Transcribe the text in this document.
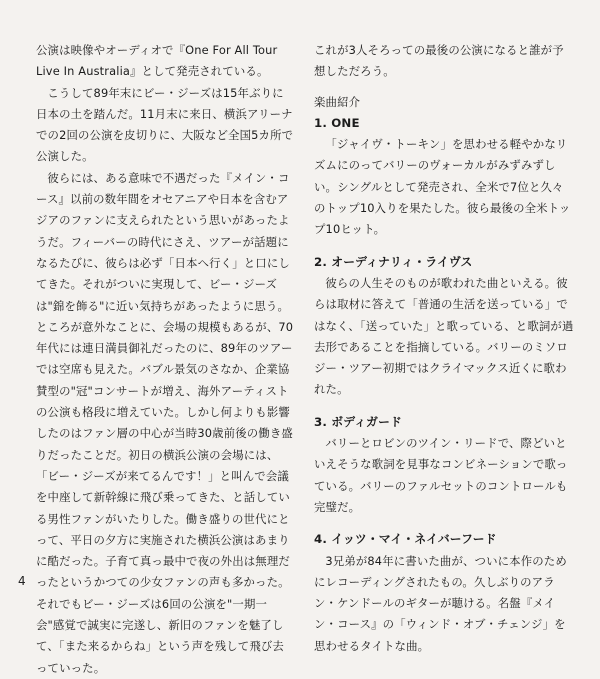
公演は映像やオーディオで『One For All Tour Live In Australia』として発売されている。

こうして89年末にビー・ジーズは15年ぶりに日本の土を踏んだ。11月末に来日、横浜アリーナでの2回の公演を皮切りに、大阪など全国5カ所で公演した。

彼らには、ある意味で不遇だった『メイン・コース』以前の数年間をオセアニアや日本を含むアジアのファンに支えられたという思いがあったようだ。フィーバーの時代にさえ、ツアーが話題になるたびに、彼らは必ず「日本へ行く」と口にしてきた。それがついに実現して、ビー・ジーズは"錦を飾る"に近い気持ちがあったように思う。ところが意外なことに、会場の規模もあるが、70年代には連日満員御礼だったのに、89年のツアーでは空席も見えた。バブル景気のさなか、企業協賛型の"冠"コンサートが増え、海外アーティストの公演も格段に増えていた。しかし何よりも影響したのはファン層の中心が当時30歳前後の働き盛りだったことだ。初日の横浜公演の会場には、「ビー・ジーズが来てるんです！」と叫んで会議を中座して新幹線に飛び乗ってきた、と話している男性ファンがいたりした。働き盛りの世代にとって、平日の夕方に実施された横浜公演はあまりに酷だった。子育て真っ最中で夜の外出は無理だったというかつての少女ファンの声も多かった。それでもビー・ジーズは6回の公演を"一期一会"感覚で誠実に完遂し、新旧のファンを魅了して、「また来るからね」という声を残して飛び去っていった。

これが3人そろっての最後の公演になると誰が予想しただろう。

楽曲紹介

1. ONE

「ジャイヴ・トーキン」を思わせる軽やかなリズムにのってバリーのヴォーカルがみずみずしい。シングルとして発売され、全米で7位と久々のトップ10入りを果たした。彼ら最後の全米トップ10ヒット。

2. オーディナリィ・ライヴス

彼らの人生そのものが歌われた曲といえる。彼らは取材に答えて「普通の生活を送っている」ではなく、「送っていた」と歌っている、と歌詞が過去形であることを指摘している。バリーのミソロジー・ツアー初期ではクライマックス近くに歌われた。

3. ボディガード

バリーとロビンのツイン・リードで、際どいといえそうな歌詞を見事なコンビネーションで歌っている。バリーのファルセットのコントロールも完璧だ。

4. イッツ・マイ・ネイバーフード

3兄弟が84年に書いた曲が、ついに本作のためにレコーディングされたもの。久しぶりのアラン・ケンドールのギターが聴ける。名盤『メイン・コース』の「ウィンド・オブ・チェンジ」を思わせるタイトな曲。

4
